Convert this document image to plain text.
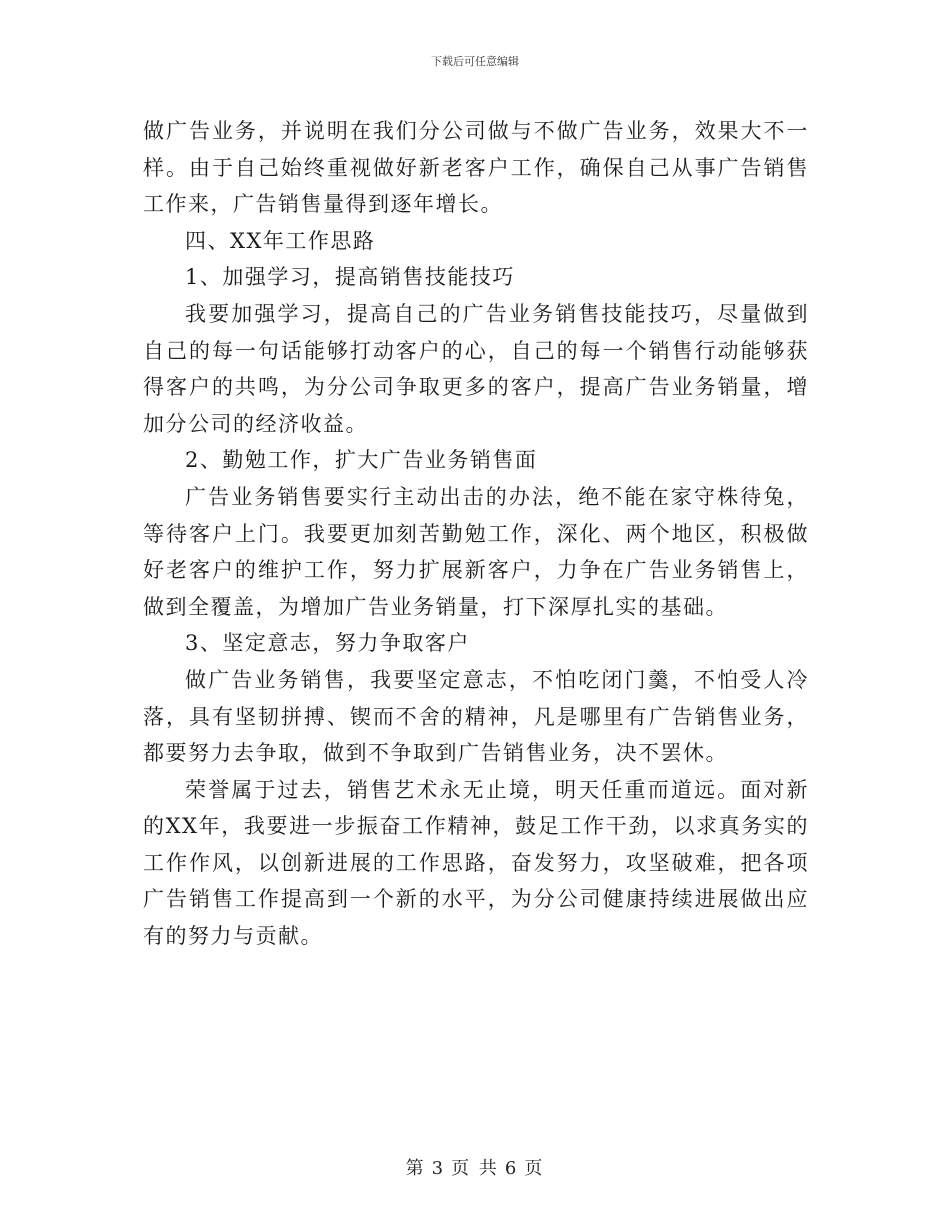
下载后可任意编辑

做广告业务，并说明在我们分公司做与不做广告业务，效果大不一样。由于自己始终重视做好新老客户工作，确保自己从事广告销售工作来，广告销售量得到逐年增长。

四、XX年工作思路

1、加强学习，提高销售技能技巧

我要加强学习，提高自己的广告业务销售技能技巧，尽量做到自己的每一句话能够打动客户的心，自己的每一个销售行动能够获得客户的共鸣，为分公司争取更多的客户，提高广告业务销量，增加分公司的经济收益。

2、勤勉工作，扩大广告业务销售面

广告业务销售要实行主动出击的办法，绝不能在家守株待兔，等待客户上门。我要更加刻苦勤勉工作，深化、两个地区，积极做好老客户的维护工作，努力扩展新客户，力争在广告业务销售上，做到全覆盖，为增加广告业务销量，打下深厚扎实的基础。

3、坚定意志，努力争取客户

做广告业务销售，我要坚定意志，不怕吃闭门羹，不怕受人冷落，具有坚韧拼搏、锲而不舍的精神，凡是哪里有广告销售业务，都要努力去争取，做到不争取到广告销售业务，决不罢休。

荣誉属于过去，销售艺术永无止境，明天任重而道远。面对新的XX年，我要进一步振奋工作精神，鼓足工作干劲，以求真务实的工作作风，以创新进展的工作思路，奋发努力，攻坚破难，把各项广告销售工作提高到一个新的水平，为分公司健康持续进展做出应有的努力与贡献。

第 3 页 共 6 页
